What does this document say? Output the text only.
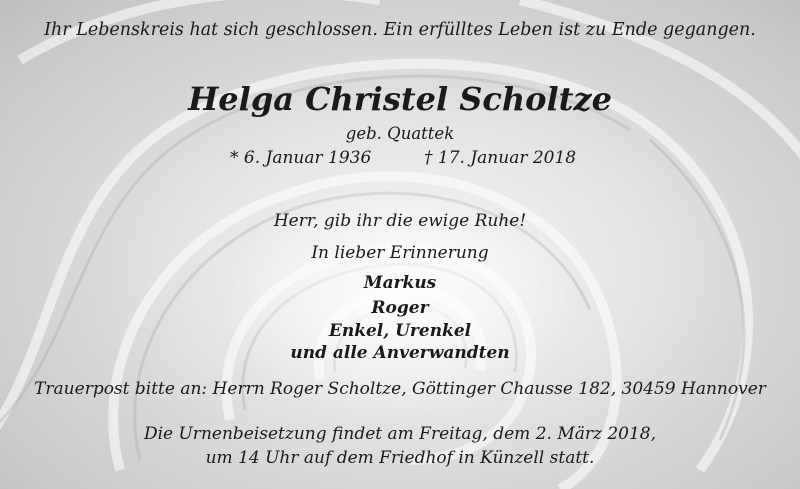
Ihr Lebenskreis hat sich geschlossen. Ein erfülltes Leben ist zu Ende gegangen.
Helga Christel Scholtze
geb. Quattek
* 6. Januar 1936	† 17. Januar 2018
Herr, gib ihr die ewige Ruhe!
In lieber Erinnerung
Markus
Roger
Enkel, Urenkel
und alle Anverwandten
Trauerpost bitte an: Herrn Roger Scholtze, Göttinger Chausse 182, 30459 Hannover
Die Urnenbeisetzung findet am Freitag, dem 2. März 2018,
um 14 Uhr auf dem Friedhof in Künzell statt.
